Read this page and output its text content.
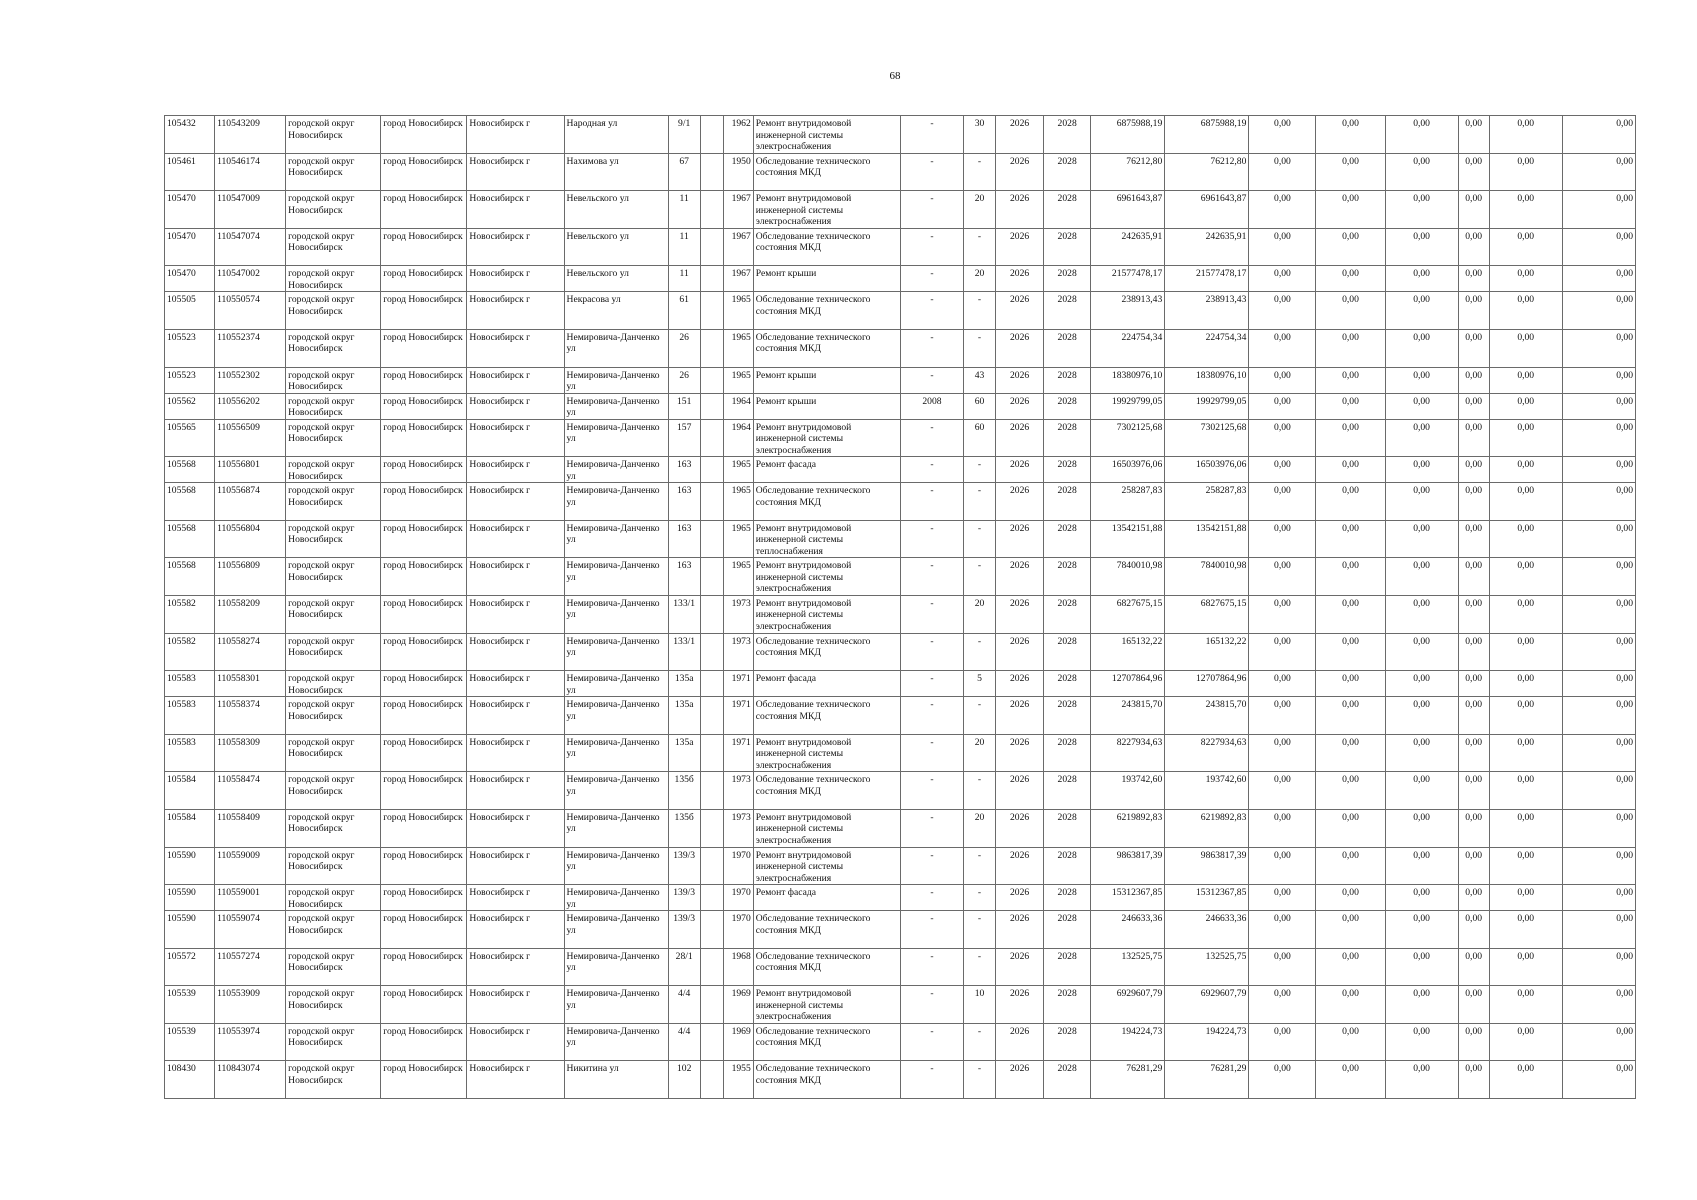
68
105432	110543209	городской округ Новосибирск	город Новосибирск	Новосибирск г	Народная ул	9/1		1962	Ремонт внутридомовой инженерной системы электроснабжения	-	30	2026	2028	6875988,19	6875988,19	0,00	0,00	0,00	0,00	0,00	0,00
105461	110546174	городской округ Новосибирск	город Новосибирск	Новосибирск г	Нахимова ул	67		1950	Обследование технического состояния МКД	-	-	2026	2028	76212,80	76212,80	0,00	0,00	0,00	0,00	0,00	0,00
105470	110547009	городской округ Новосибирск	город Новосибирск	Новосибирск г	Невельского ул	11		1967	Ремонт внутридомовой инженерной системы электроснабжения	-	20	2026	2028	6961643,87	6961643,87	0,00	0,00	0,00	0,00	0,00	0,00
105470	110547074	городской округ Новосибирск	город Новосибирск	Новосибирск г	Невельского ул	11		1967	Обследование технического состояния МКД	-	-	2026	2028	242635,91	242635,91	0,00	0,00	0,00	0,00	0,00	0,00
105470	110547002	городской округ Новосибирск	город Новосибирск	Новосибирск г	Невельского ул	11		1967	Ремонт крыши	-	20	2026	2028	21577478,17	21577478,17	0,00	0,00	0,00	0,00	0,00	0,00
105505	110550574	городской округ Новосибирск	город Новосибирск	Новосибирск г	Некрасова ул	61		1965	Обследование технического состояния МКД	-	-	2026	2028	238913,43	238913,43	0,00	0,00	0,00	0,00	0,00	0,00
105523	110552374	городской округ Новосибирск	город Новосибирск	Новосибирск г	Немировича-Данченко ул	26		1965	Обследование технического состояния МКД	-	-	2026	2028	224754,34	224754,34	0,00	0,00	0,00	0,00	0,00	0,00
105523	110552302	городской округ Новосибирск	город Новосибирск	Новосибирск г	Немировича-Данченко ул	26		1965	Ремонт крыши	-	43	2026	2028	18380976,10	18380976,10	0,00	0,00	0,00	0,00	0,00	0,00
105562	110556202	городской округ Новосибирск	город Новосибирск	Новосибирск г	Немировича-Данченко ул	151		1964	Ремонт крыши	2008	60	2026	2028	19929799,05	19929799,05	0,00	0,00	0,00	0,00	0,00	0,00
105565	110556509	городской округ Новосибирск	город Новосибирск	Новосибирск г	Немировича-Данченко ул	157		1964	Ремонт внутридомовой инженерной системы электроснабжения	-	60	2026	2028	7302125,68	7302125,68	0,00	0,00	0,00	0,00	0,00	0,00
105568	110556801	городской округ Новосибирск	город Новосибирск	Новосибирск г	Немировича-Данченко ул	163		1965	Ремонт фасада	-	-	2026	2028	16503976,06	16503976,06	0,00	0,00	0,00	0,00	0,00	0,00
105568	110556874	городской округ Новосибирск	город Новосибирск	Новосибирск г	Немировича-Данченко ул	163		1965	Обследование технического состояния МКД	-	-	2026	2028	258287,83	258287,83	0,00	0,00	0,00	0,00	0,00	0,00
105568	110556804	городской округ Новосибирск	город Новосибирск	Новосибирск г	Немировича-Данченко ул	163		1965	Ремонт внутридомовой инженерной системы теплоснабжения	-	-	2026	2028	13542151,88	13542151,88	0,00	0,00	0,00	0,00	0,00	0,00
105568	110556809	городской округ Новосибирск	город Новосибирск	Новосибирск г	Немировича-Данченко ул	163		1965	Ремонт внутридомовой инженерной системы электроснабжения	-	-	2026	2028	7840010,98	7840010,98	0,00	0,00	0,00	0,00	0,00	0,00
105582	110558209	городской округ Новосибирск	город Новосибирск	Новосибирск г	Немировича-Данченко ул	133/1		1973	Ремонт внутридомовой инженерной системы электроснабжения	-	20	2026	2028	6827675,15	6827675,15	0,00	0,00	0,00	0,00	0,00	0,00
105582	110558274	городской округ Новосибирск	город Новосибирск	Новосибирск г	Немировича-Данченко ул	133/1		1973	Обследование технического состояния МКД	-	-	2026	2028	165132,22	165132,22	0,00	0,00	0,00	0,00	0,00	0,00
105583	110558301	городской округ Новосибирск	город Новосибирск	Новосибирск г	Немировича-Данченко ул	135а		1971	Ремонт фасада	-	5	2026	2028	12707864,96	12707864,96	0,00	0,00	0,00	0,00	0,00	0,00
105583	110558374	городской округ Новосибирск	город Новосибирск	Новосибирск г	Немировича-Данченко ул	135а		1971	Обследование технического состояния МКД	-	-	2026	2028	243815,70	243815,70	0,00	0,00	0,00	0,00	0,00	0,00
105583	110558309	городской округ Новосибирск	город Новосибирск	Новосибирск г	Немировича-Данченко ул	135а		1971	Ремонт внутридомовой инженерной системы электроснабжения	-	20	2026	2028	8227934,63	8227934,63	0,00	0,00	0,00	0,00	0,00	0,00
105584	110558474	городской округ Новосибирск	город Новосибирск	Новосибирск г	Немировича-Данченко ул	135б		1973	Обследование технического состояния МКД	-	-	2026	2028	193742,60	193742,60	0,00	0,00	0,00	0,00	0,00	0,00
105584	110558409	городской округ Новосибирск	город Новосибирск	Новосибирск г	Немировича-Данченко ул	135б		1973	Ремонт внутридомовой инженерной системы электроснабжения	-	20	2026	2028	6219892,83	6219892,83	0,00	0,00	0,00	0,00	0,00	0,00
105590	110559009	городской округ Новосибирск	город Новосибирск	Новосибирск г	Немировича-Данченко ул	139/3		1970	Ремонт внутридомовой инженерной системы электроснабжения	-	-	2026	2028	9863817,39	9863817,39	0,00	0,00	0,00	0,00	0,00	0,00
105590	110559001	городской округ Новосибирск	город Новосибирск	Новосибирск г	Немировича-Данченко ул	139/3		1970	Ремонт фасада	-	-	2026	2028	15312367,85	15312367,85	0,00	0,00	0,00	0,00	0,00	0,00
105590	110559074	городской округ Новосибирск	город Новосибирск	Новосибирск г	Немировича-Данченко ул	139/3		1970	Обследование технического состояния МКД	-	-	2026	2028	246633,36	246633,36	0,00	0,00	0,00	0,00	0,00	0,00
105572	110557274	городской округ Новосибирск	город Новосибирск	Новосибирск г	Немировича-Данченко ул	28/1		1968	Обследование технического состояния МКД	-	-	2026	2028	132525,75	132525,75	0,00	0,00	0,00	0,00	0,00	0,00
105539	110553909	городской округ Новосибирск	город Новосибирск	Новосибирск г	Немировича-Данченко ул	4/4		1969	Ремонт внутридомовой инженерной системы электроснабжения	-	10	2026	2028	6929607,79	6929607,79	0,00	0,00	0,00	0,00	0,00	0,00
105539	110553974	городской округ Новосибирск	город Новосибирск	Новосибирск г	Немировича-Данченко ул	4/4		1969	Обследование технического состояния МКД	-	-	2026	2028	194224,73	194224,73	0,00	0,00	0,00	0,00	0,00	0,00
108430	110843074	городской округ Новосибирск	город Новосибирск	Новосибирск г	Никитина ул	102		1955	Обследование технического состояния МКД	-	-	2026	2028	76281,29	76281,29	0,00	0,00	0,00	0,00	0,00	0,00
